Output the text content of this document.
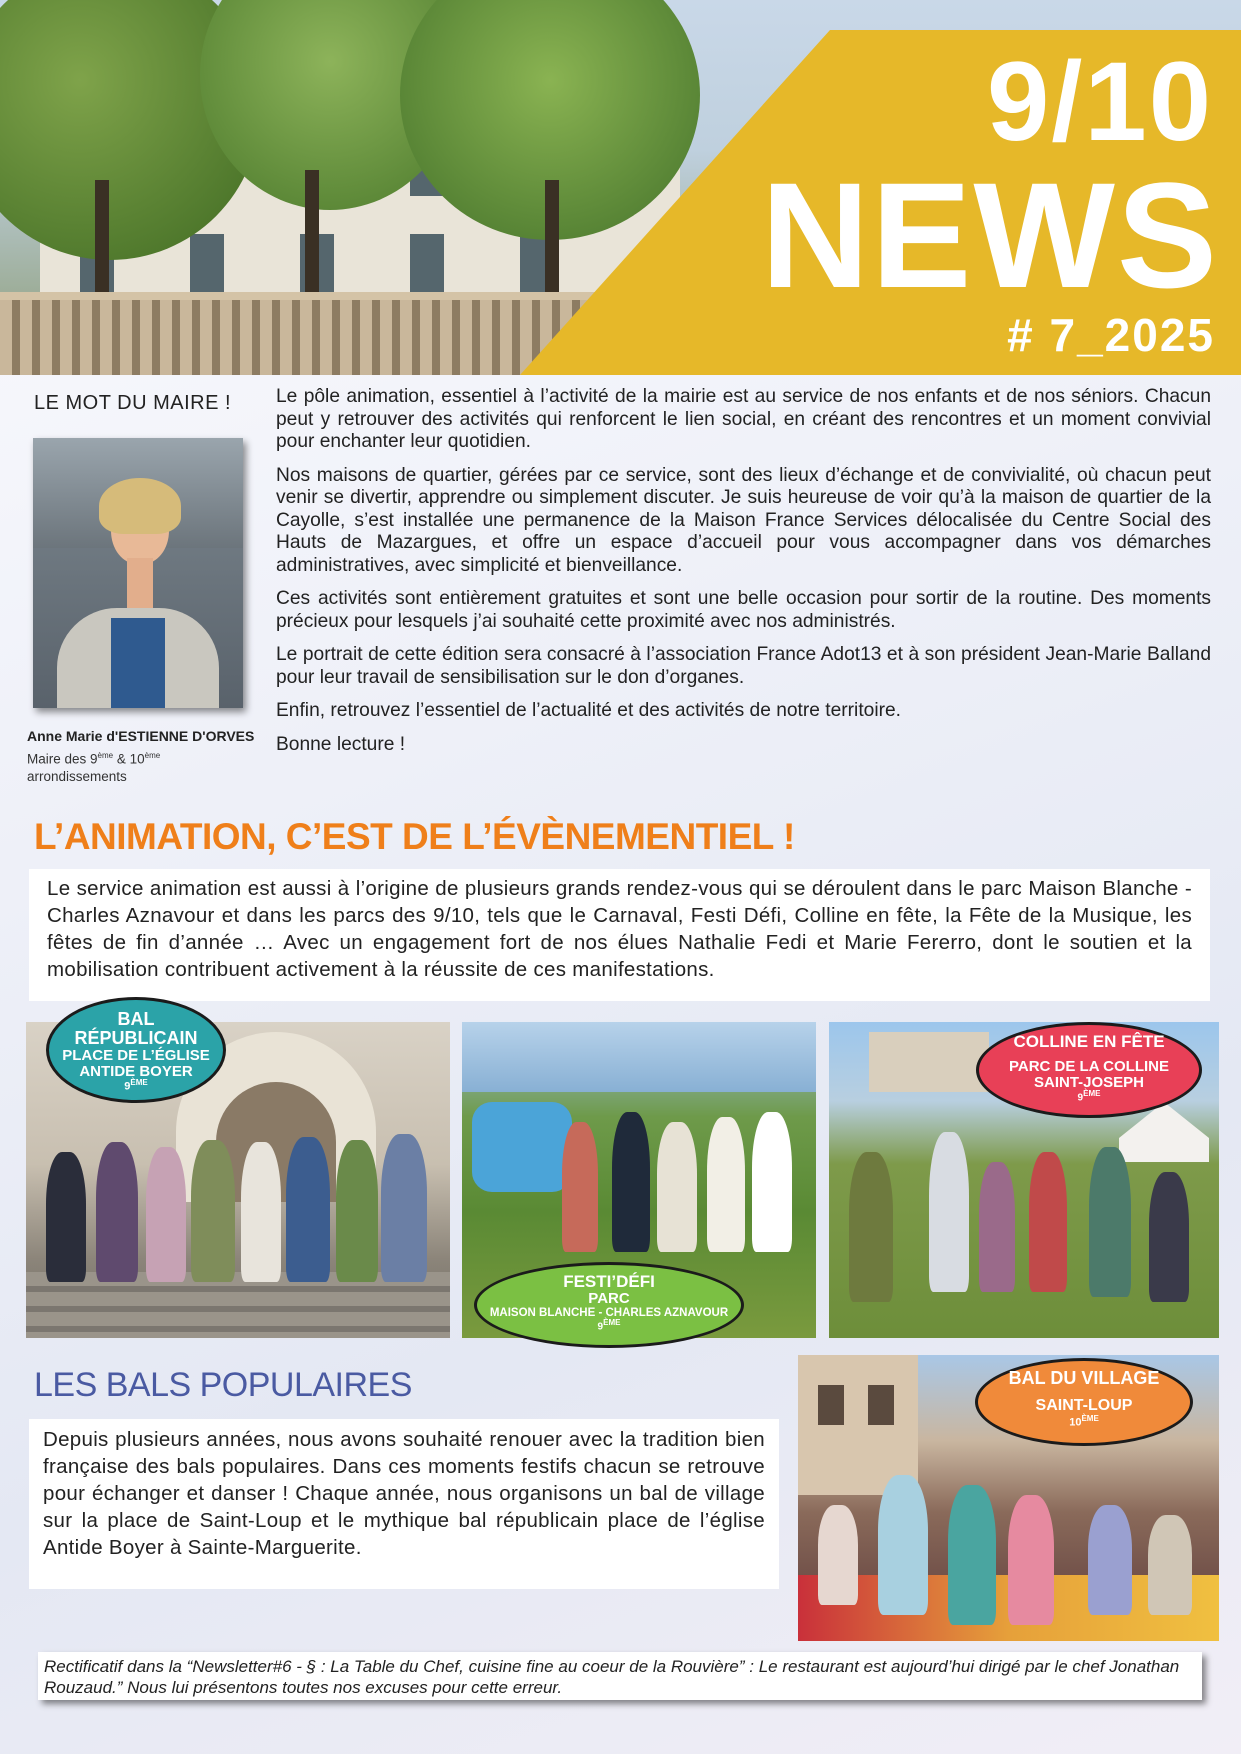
9/10
NEWS
# 7_2025
LE MOT DU MAIRE !
Anne Marie d'ESTIENNE D'ORVES
Maire des 9ème & 10ème arrondissements

Le pôle animation, essentiel à l’activité de la mairie est au service de nos enfants et de nos séniors. Chacun peut y retrouver des activités qui renforcent le lien social, en créant des rencontres et un moment convivial pour enchanter leur quotidien.

Nos maisons de quartier, gérées par ce service, sont des lieux d’échange et de convivialité, où chacun peut venir se divertir, apprendre ou simplement discuter. Je suis heureuse de voir qu’à la maison de quartier de la Cayolle, s’est installée une permanence de la Maison France Services délocalisée du Centre Social des Hauts de Mazargues, et offre un espace d’accueil pour vous accompagner dans vos démarches administratives, avec simplicité et bienveillance.

Ces activités sont entièrement gratuites et sont une belle occasion pour sortir de la routine. Des moments précieux pour lesquels j’ai souhaité cette proximité avec nos administrés.

Le portrait de cette édition sera consacré à l’association France Adot13 et à son président Jean-Marie Balland pour leur travail de sensibilisation sur le don d’organes.

Enfin, retrouvez l’essentiel de l’actualité et des activités de notre territoire.

Bonne lecture !

L’ANIMATION, C’EST DE L’ÉVÈNEMENTIEL !

Le service animation est aussi à l’origine de plusieurs grands rendez-vous qui se déroulent dans le parc Maison Blanche - Charles Aznavour et dans les parcs des 9/10, tels que le Carnaval, Festi Défi, Colline en fête, la Fête de la Musique, les fêtes de fin d’année … Avec un engagement fort de nos élues Nathalie Fedi et Marie Fererro, dont le soutien et la mobilisation contribuent activement à la réussite de ces manifestations.

BAL
RÉPUBLICAIN
PLACE DE L’ÉGLISE
ANTIDE BOYER
9ÈME
FESTI’DÉFI
PARC
MAISON BLANCHE - CHARLES AZNAVOUR
9ÈME
COLLINE EN FÊTE
PARC DE LA COLLINE
SAINT-JOSEPH
9ÈME
LES BALS POPULAIRES

Depuis plusieurs années, nous avons souhaité renouer avec la tradition bien française des bals populaires. Dans ces moments festifs chacun se retrouve pour échanger et danser ! Chaque année, nous organisons un bal de village sur la place de Saint-Loup et le mythique bal républicain place de l’église Antide Boyer à Sainte-Marguerite.

BAL DU VILLAGE
SAINT-LOUP
10ÈME
Rectificatif dans la “Newsletter#6 - § : La Table du Chef, cuisine fine au coeur de la Rouvière” : Le restaurant est aujourd’hui dirigé par le chef Jonathan Rouzaud.” Nous lui présentons toutes nos excuses pour cette erreur.
